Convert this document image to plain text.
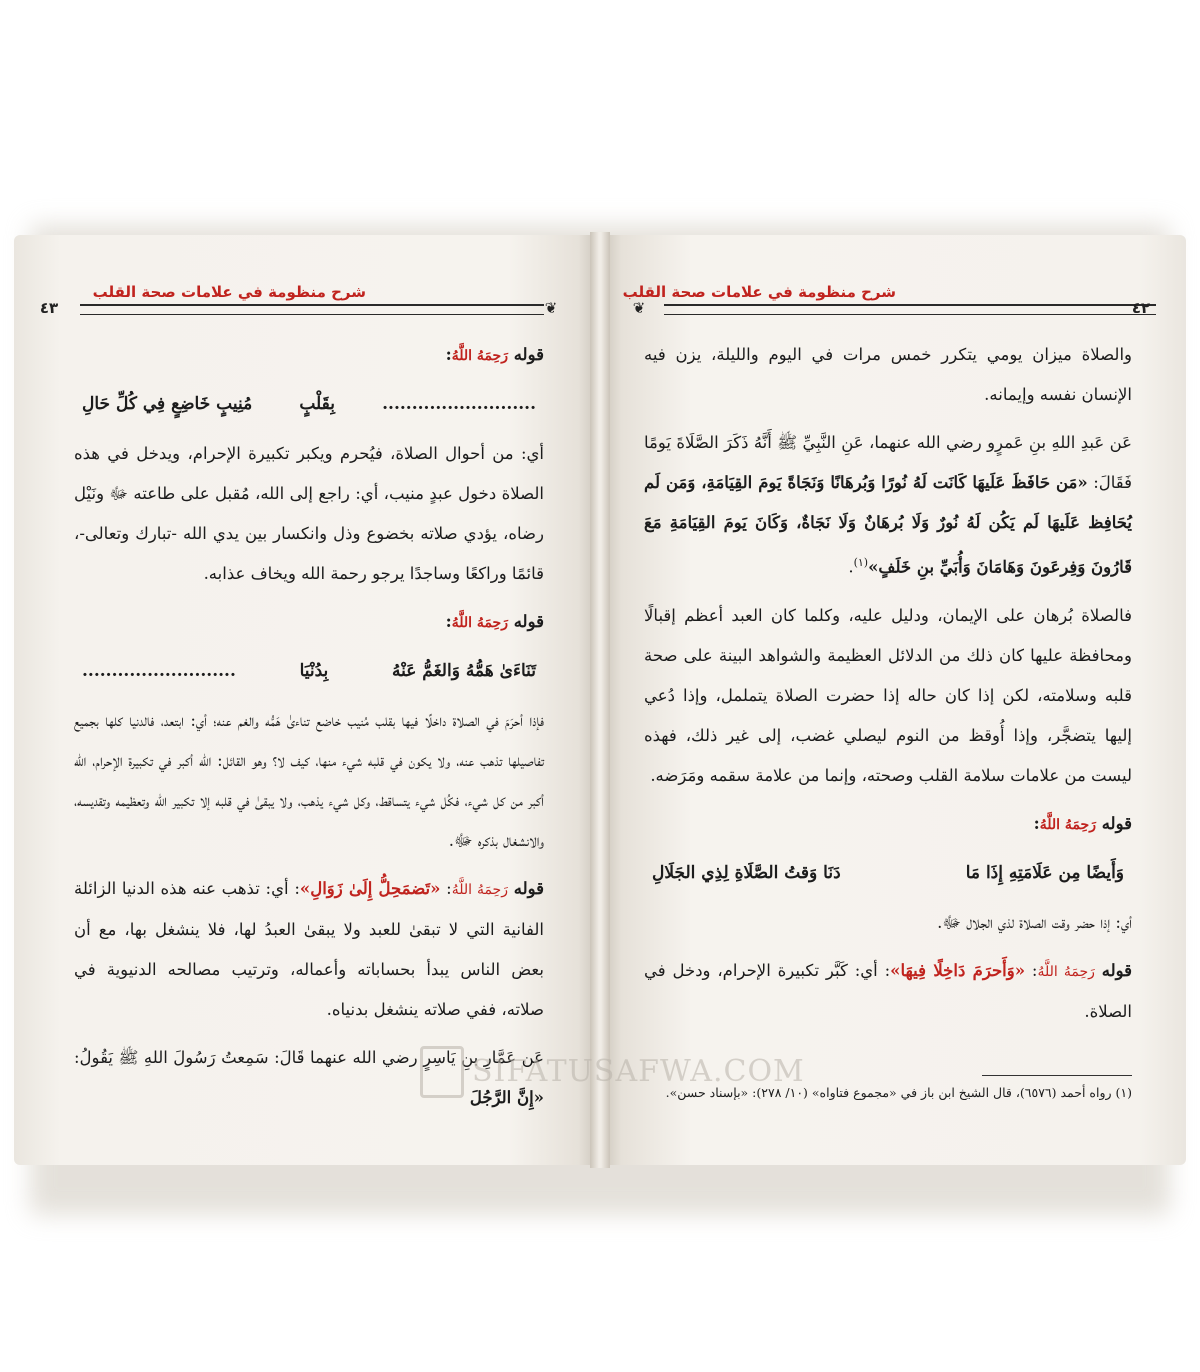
شرح منظومة في علامات صحة القلب
٤٣	❦

قوله رَحِمَهُ اللَّهُ:

..........................
بِقَلْبٍ
مُنِيبٍ خَاضِعٍ فِي كُلِّ حَالِ

أي: من أحوال الصلاة، فيُحرم ويكبر تكبيرة الإحرام، ويدخل في هذه الصلاة دخول عبدٍ منيب، أي: راجع إلى الله، مُقبل على طاعته ﷻ ونَيْل رضاه، يؤدي صلاته بخضوع وذل وانكسار بين يدي الله -تبارك وتعالى-، قائمًا وراكعًا وساجدًا يرجو رحمة الله ويخاف عذابه.

قوله رَحِمَهُ اللَّهُ:

تَنَاءَىٰ هَمُّهُ وَالغَمُّ عَنْهُ
بِدُنْيَا
..........................

فإذا أحرَمَ في الصلاة داخلًا فيها بقلب مُنيب خاضع تناءىٰ هَمُّه والغم عنه؛ أي: ابتعد، فالدنيا كلها بجميع تفاصيلها تذهب عنه، ولا يكون في قلبه شيء منها، كيف لا؟ وهو القائل: الله أكبر في تكبيرة الإحرام، الله أكبر من كل شيء، فكُل شيء يتساقط، وكل شيء يذهب، ولا يبقىٰ في قلبه إلا تكبير الله وتعظيمه وتقديسه، والانشغال بذكره ﷻ.

قوله رَحِمَهُ اللَّهُ: «تَضمَحِلُّ إِلَىٰ زَوَالِ»: أي: تذهب عنه هذه الدنيا الزائلة الفانية التي لا تبقىٰ للعبد ولا يبقىٰ العبدُ لها، فلا ينشغل بها، مع أن بعض الناس يبدأ بحساباته وأعماله، وترتيب مصالحه الدنيوية في صلاته، ففي صلاته ينشغل بدنياه.

عَن عَمَّارِ بنِ يَاسِرٍ رضي الله عنهما قَالَ: سَمِعتُ رَسُولَ اللهِ ﷺ يَقُولُ: «إِنَّ الرَّجُلَ

شرح منظومة في علامات صحة القلب
٤٢
❦

والصلاة ميزان يومي يتكرر خمس مرات في اليوم والليلة، يزن فيه الإنسان نفسه وإيمانه.

عَن عَبدِ اللهِ بنِ عَمرٍو رضي الله عنهما، عَنِ النَّبِيِّ ﷺ أَنَّهُ ذَكَرَ الصَّلَاةَ يَومًا فَقَالَ: «مَن حَافَظَ عَلَيهَا كَانَت لَهُ نُورًا وَبُرهَانًا وَنَجَاةً يَومَ القِيَامَةِ، وَمَن لَم يُحَافِظ عَلَيهَا لَم يَكُن لَهُ نُورٌ وَلَا بُرهَانٌ وَلَا نَجَاةٌ، وَكَانَ يَومَ القِيَامَةِ مَعَ قَارُونَ وَفِرعَونَ وَهَامَانَ وَأُبَيِّ بنِ خَلَفٍ»$^{(١)}$.

فالصلاة بُرهان على الإيمان، ودليل عليه، وكلما كان العبد أعظم إقبالًا ومحافظة عليها كان ذلك من الدلائل العظيمة والشواهد البينة على صحة قلبه وسلامته، لكن إذا كان حاله إذا حضرت الصلاة يتململ، وإذا دُعي إليها يتضجَّر، وإذا أُوقظ من النوم ليصلي غضب، إلى غير ذلك، فهذه ليست من علامات سلامة القلب وصحته، وإنما من علامة سقمه ومَرَضه.

قوله رَحِمَهُ اللَّهُ:

وَأَيضًا مِن عَلَامَتِهِ إِذَا مَا
دَنَا وَقتُ الصَّلَاةِ لِذِي الجَلَالِ

أي: إذا حضر وقت الصلاة لذي الجلال ﷻ.

قوله رَحِمَهُ اللَّهُ: «وَأَحرَمَ دَاخِلًا فِيهَا»: أي: كَبَّر تكبيرة الإحرام، ودخل في الصلاة.

(١) رواه أحمد (٦٥٧٦)، قال الشيخ ابن باز في «مجموع فتاواه» (١٠/ ٢٧٨): «بإسناد حسن».
SIFATUSAFWA.COM
